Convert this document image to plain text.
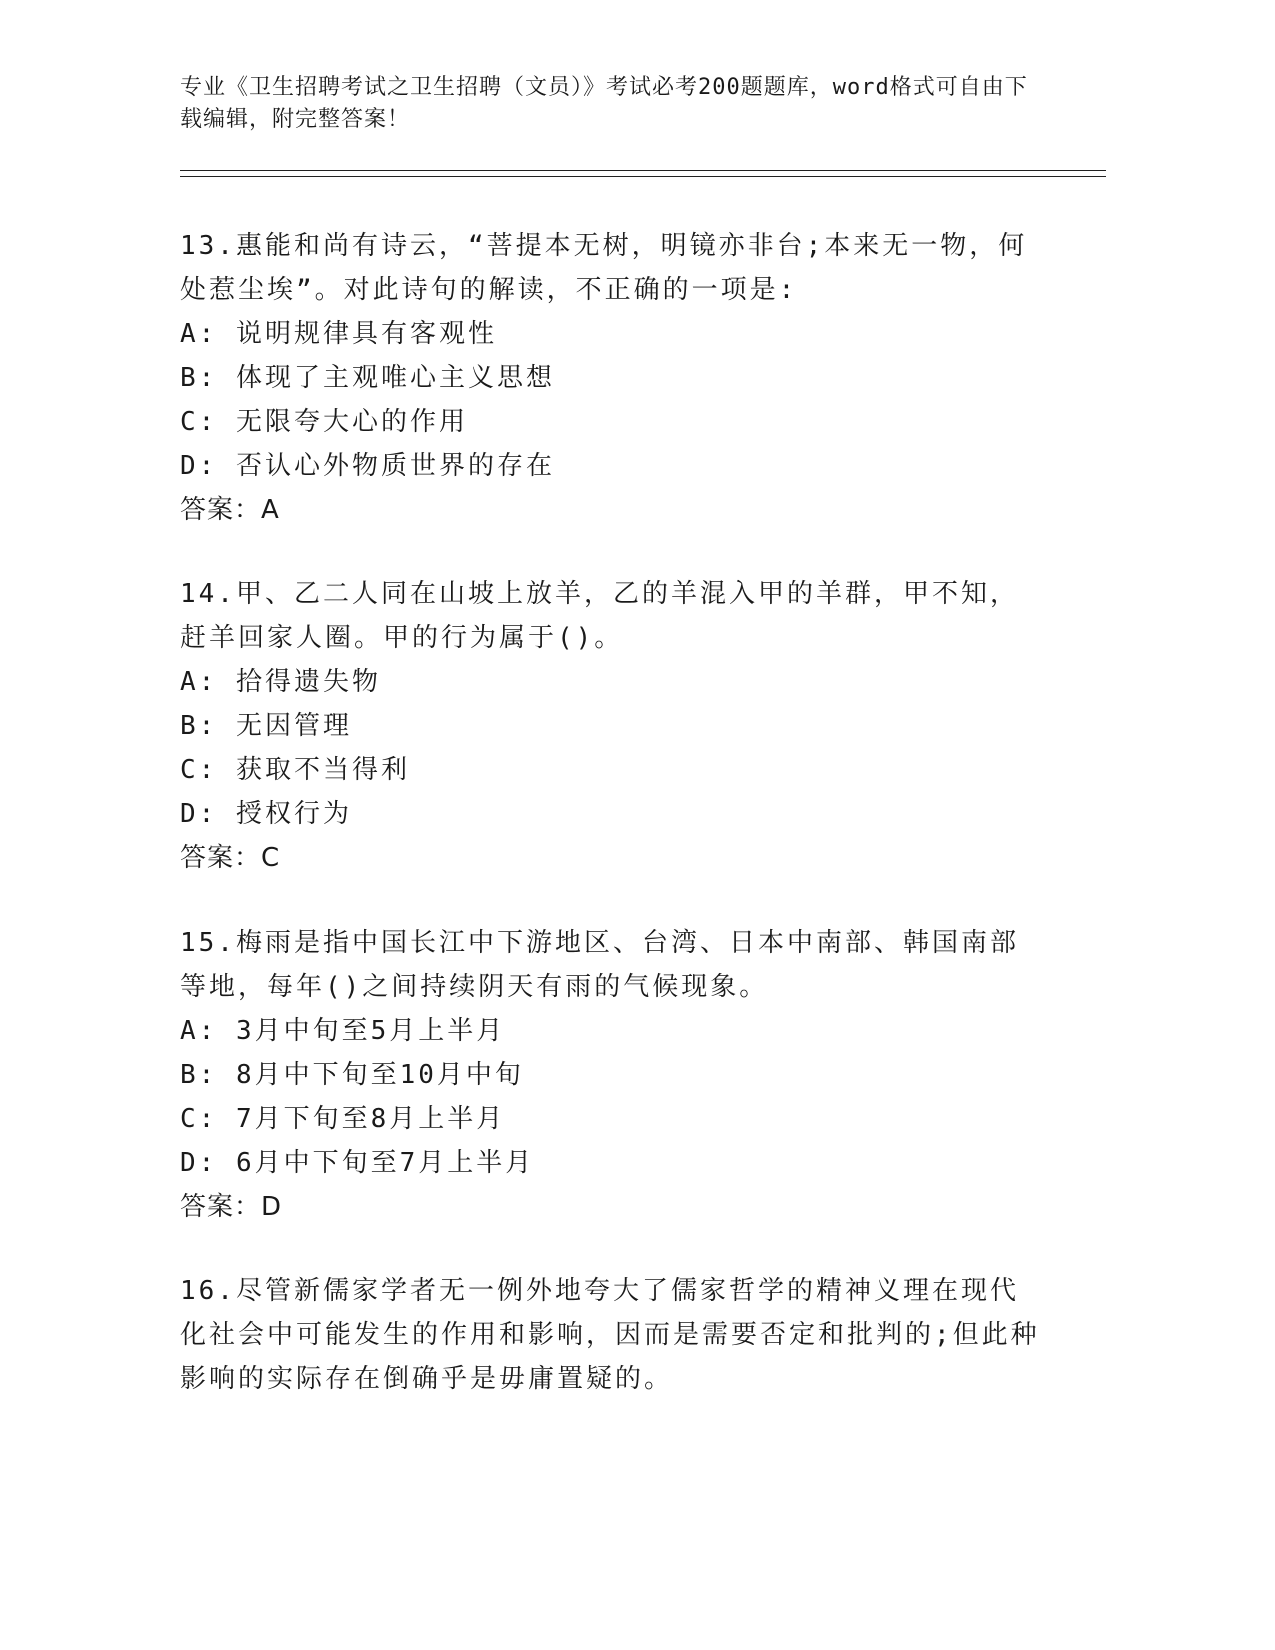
专业《卫生招聘考试之卫生招聘（文员）》考试必考200题题库，word格式可自由下载编辑，附完整答案！

13.惠能和尚有诗云，“菩提本无树，明镜亦非台;本来无一物，何处惹尘埃”。对此诗句的解读，不正确的一项是:

A: 说明规律具有客观性

B: 体现了主观唯心主义思想

C: 无限夸大心的作用

D: 否认心外物质世界的存在

答案：A

14.甲、乙二人同在山坡上放羊，乙的羊混入甲的羊群，甲不知，赶羊回家人圈。甲的行为属于()。

A: 拾得遗失物

B: 无因管理

C: 获取不当得利

D: 授权行为

答案：C

15.梅雨是指中国长江中下游地区、台湾、日本中南部、韩国南部等地，每年()之间持续阴天有雨的气候现象。

A: 3月中旬至5月上半月

B: 8月中下旬至10月中旬

C: 7月下旬至8月上半月

D: 6月中下旬至7月上半月

答案：D

16.尽管新儒家学者无一例外地夸大了儒家哲学的精神义理在现代化社会中可能发生的作用和影响，因而是需要否定和批判的;但此种影响的实际存在倒确乎是毋庸置疑的。
